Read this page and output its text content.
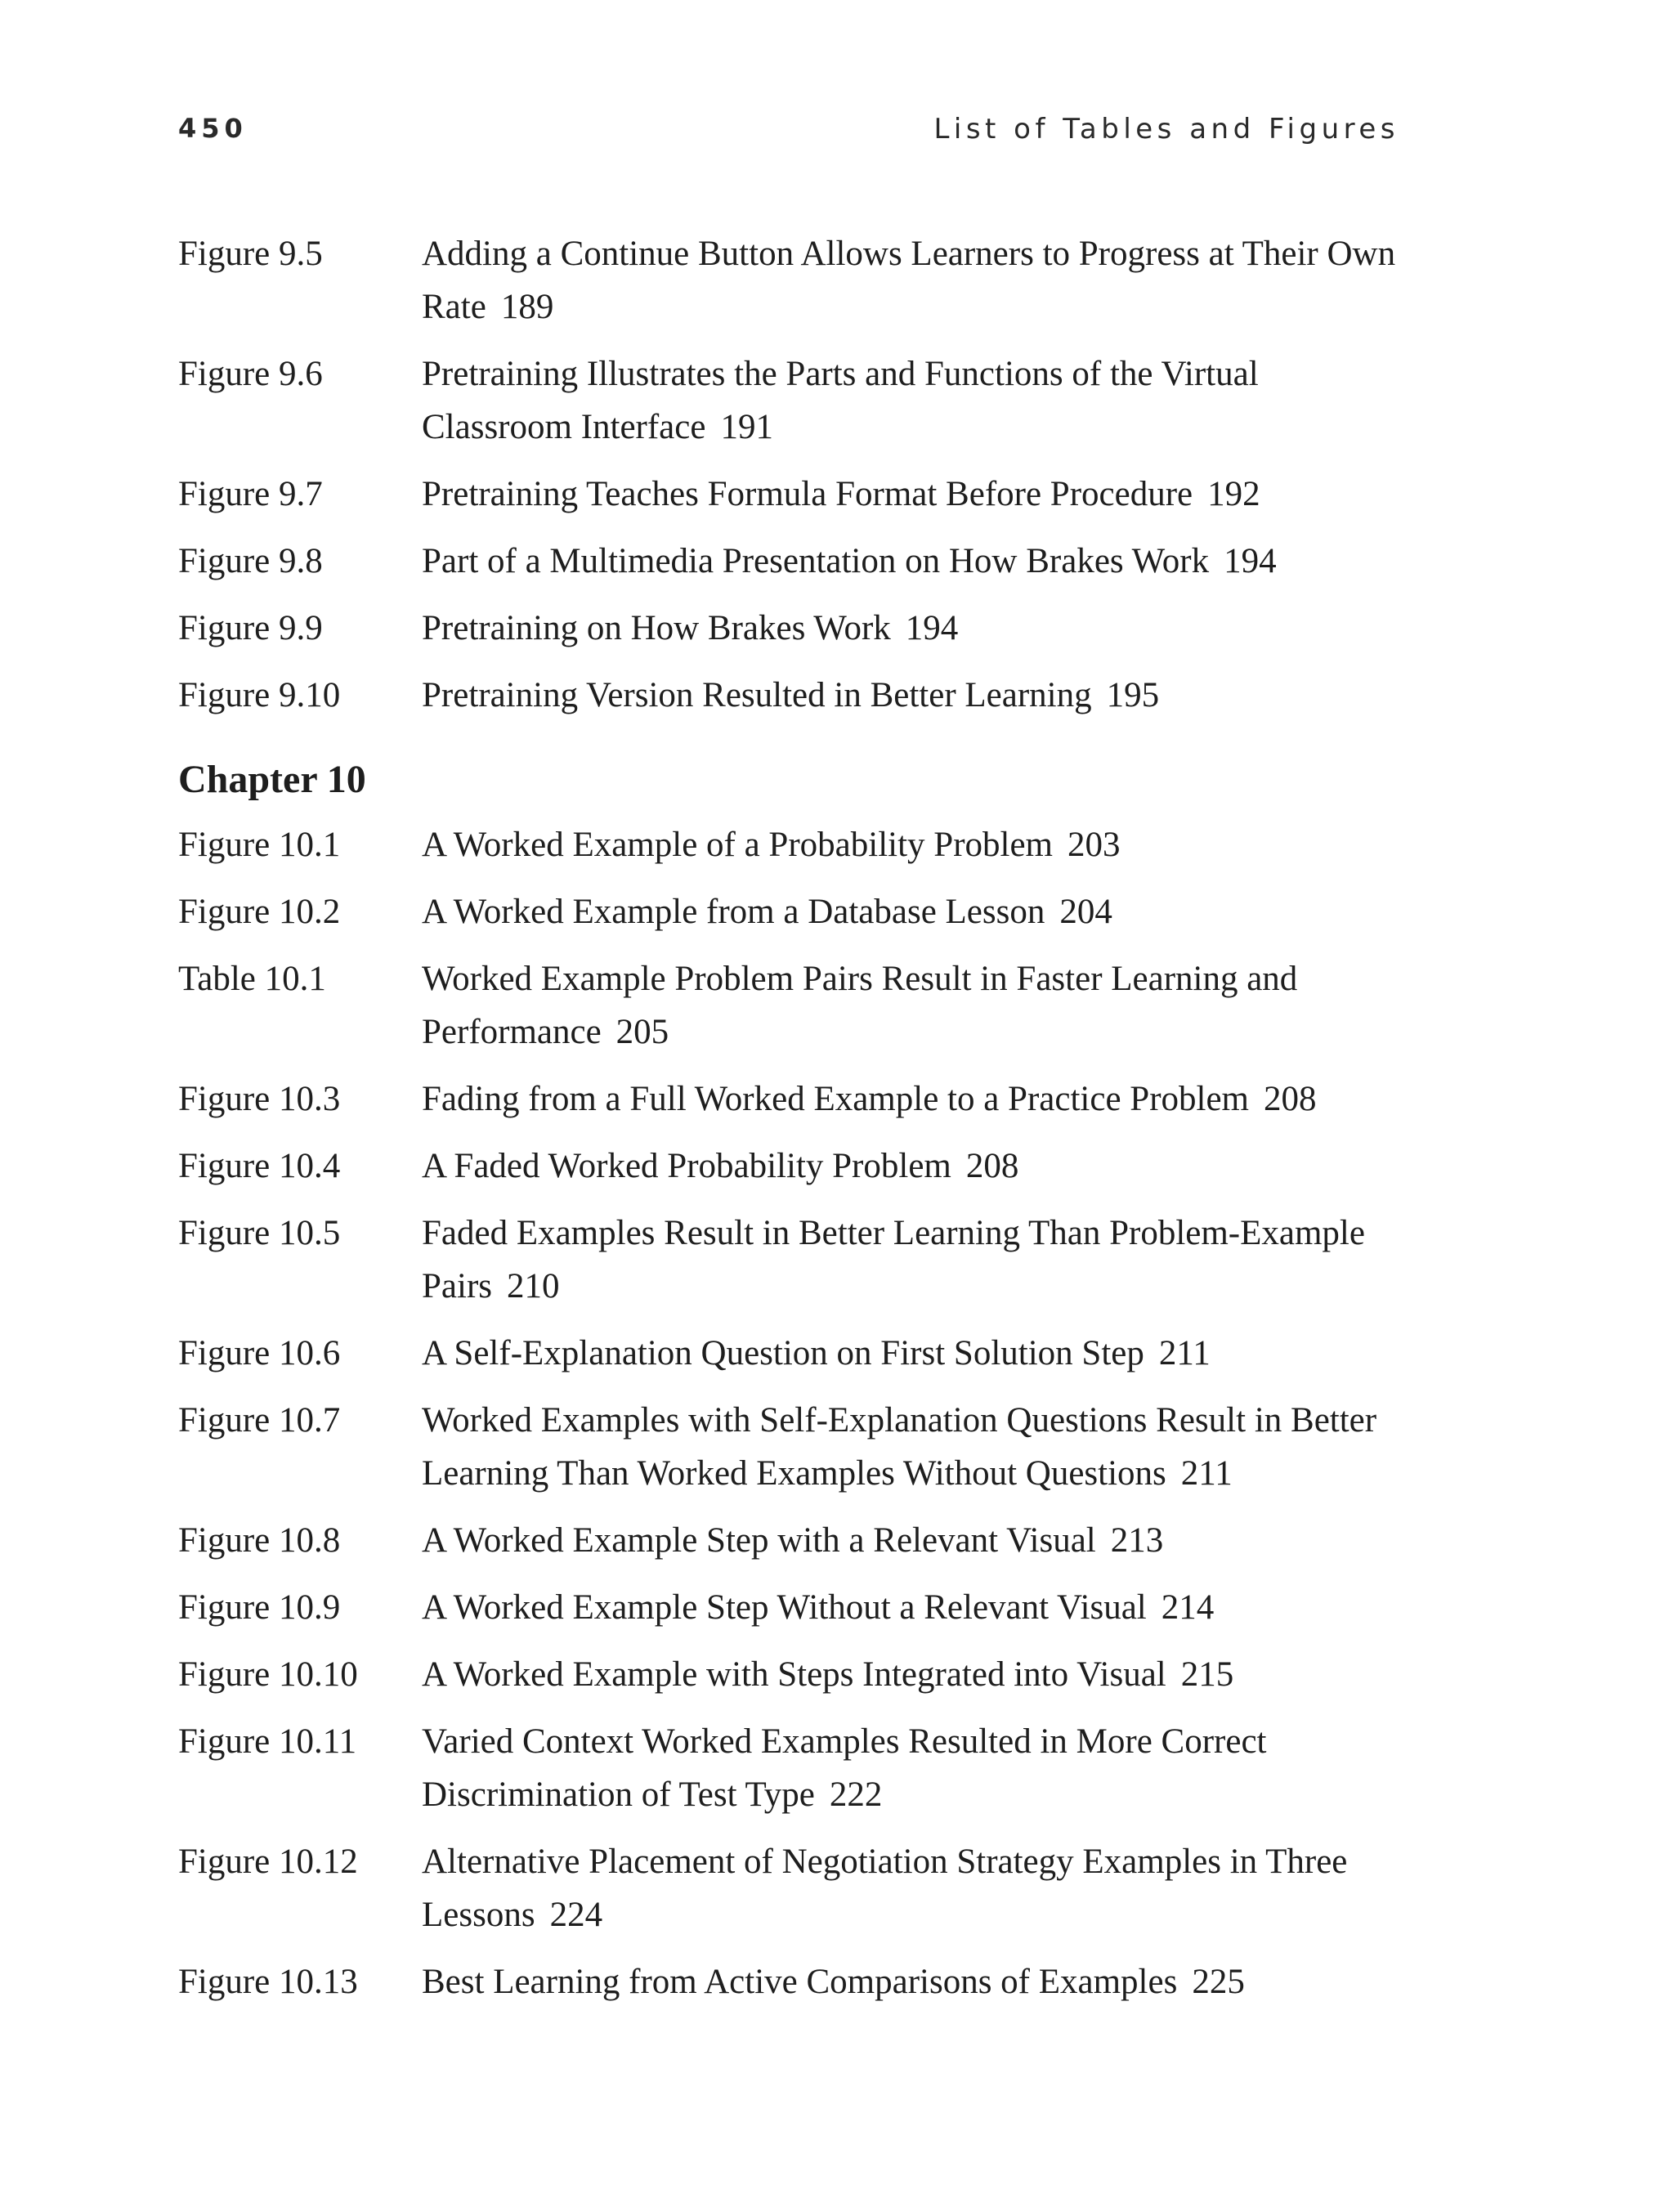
450	List of Tables and Figures
Figure 9.5	Adding a Continue Button Allows Learners to Progress at Their Own Rate 189
Figure 9.6	Pretraining Illustrates the Parts and Functions of the Virtual Classroom Interface 191
Figure 9.7	Pretraining Teaches Formula Format Before Procedure 192
Figure 9.8	Part of a Multimedia Presentation on How Brakes Work 194
Figure 9.9	Pretraining on How Brakes Work 194
Figure 9.10 Pretraining Version Resulted in Better Learning 195
Chapter 10
Figure 10.1 A Worked Example of a Probability Problem 203
Figure 10.2 A Worked Example from a Database Lesson 204
Table 10.1	Worked Example Problem Pairs Result in Faster Learning and Performance 205
Figure 10.3 Fading from a Full Worked Example to a Practice Problem 208
Figure 10.4 A Faded Worked Probability Problem 208
Figure 10.5 Faded Examples Result in Better Learning Than Problem-Example Pairs 210
Figure 10.6 A Self-Explanation Question on First Solution Step 211
Figure 10.7 Worked Examples with Self-Explanation Questions Result in Better Learning Than Worked Examples Without Questions 211
Figure 10.8 A Worked Example Step with a Relevant Visual 213
Figure 10.9 A Worked Example Step Without a Relevant Visual 214
Figure 10.10 A Worked Example with Steps Integrated into Visual 215
Figure 10.11 Varied Context Worked Examples Resulted in More Correct Discrimination of Test Type 222
Figure 10.12 Alternative Placement of Negotiation Strategy Examples in Three Lessons 224
Figure 10.13 Best Learning from Active Comparisons of Examples 225
